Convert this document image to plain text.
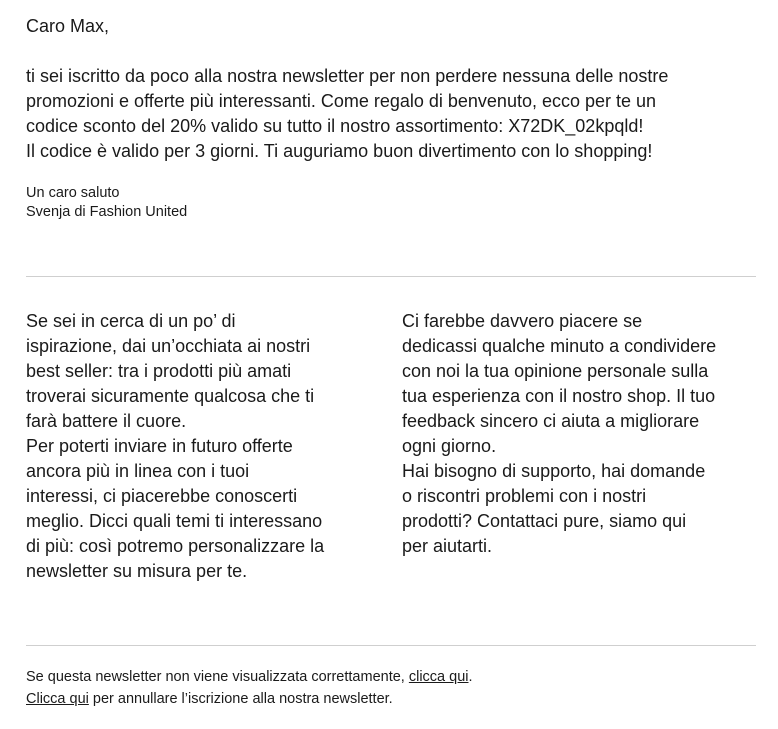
Caro Max,

ti sei iscritto da poco alla nostra newsletter per non perdere nessuna delle nostre
promozioni e offerte più interessanti. Come regalo di benvenuto, ecco per te un
codice sconto del 20% valido su tutto il nostro assortimento: X72DK_02kpqld!
Il codice è valido per 3 giorni. Ti auguriamo buon divertimento con lo shopping!

Un caro saluto
Svenja di Fashion United

Se sei in cerca di un po’ di
ispirazione, dai un’occhiata ai nostri
best seller: tra i prodotti più amati
troverai sicuramente qualcosa che ti
farà battere il cuore.
Per poterti inviare in futuro offerte
ancora più in linea con i tuoi
interessi, ci piacerebbe conoscerti
meglio. Dicci quali temi ti interessano
di più: così potremo personalizzare la
newsletter su misura per te.
Ci farebbe davvero piacere se
dedicassi qualche minuto a condividere
con noi la tua opinione personale sulla
tua esperienza con il nostro shop. Il tuo
feedback sincero ci aiuta a migliorare
ogni giorno.
Hai bisogno di supporto, hai domande
o riscontri problemi con i nostri
prodotti? Contattaci pure, siamo qui
per aiutarti.
Se questa newsletter non viene visualizzata correttamente, clicca qui.
Clicca qui per annullare l’iscrizione alla nostra newsletter.
